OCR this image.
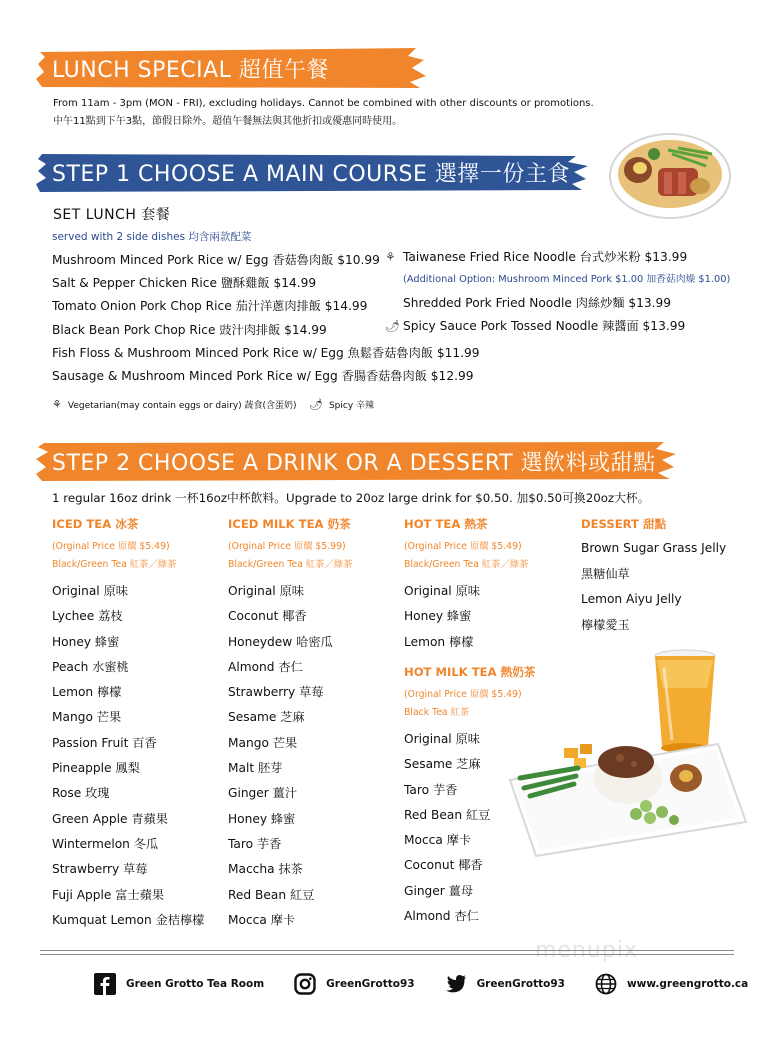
LUNCH SPECIAL 超值午餐
From 11am - 3pm (MON - FRI), excluding holidays. Cannot be combined with other discounts or promotions.
中午11點到下午3點，節假日除外。超值午餐無法與其他折扣或優惠同時使用。
STEP 1 CHOOSE A MAIN COURSE 選擇一份主食
SET LUNCH 套餐
served with 2 side dishes 均含兩款配菜
Mushroom Minced Pork Rice w/ Egg 香菇魯肉飯 $10.99
Salt & Pepper Chicken Rice 鹽酥雞飯 $14.99
Tomato Onion Pork Chop Rice 茄汁洋蔥肉排飯 $14.99
Black Bean Pork Chop Rice 豉汁肉排飯 $14.99
Fish Floss & Mushroom Minced Pork Rice w/ Egg 魚鬆香菇魯肉飯 $11.99
Sausage & Mushroom Minced Pork Rice w/ Egg 香腸香菇魯肉飯 $12.99
⚘ Taiwanese Fried Rice Noodle 台式炒米粉 $13.99
(Additional Option: Mushroom Minced Pork $1.00 加香菇肉燥 $1.00)
Shredded Pork Fried Noodle 肉絲炒麵 $13.99
🌶 Spicy Sauce Pork Tossed Noodle 辣醬面 $13.99
⚘ Vegetarian(may contain eggs or dairy) 蔬食(含蛋奶) 🌶 Spicy 辛辣
STEP 2 CHOOSE A DRINK OR A DESSERT 選飲料或甜點
1 regular 16oz drink 一杯16oz中杯飲料。Upgrade to 20oz large drink for $0.50. 加$0.50可換20oz大杯。
ICED TEA 冰茶
(Orginal Price 原價 $5.49)
Black/Green Tea 紅茶／綠茶
Original 原味
Lychee 荔枝
Honey 蜂蜜
Peach 水蜜桃
Lemon 檸檬
Mango 芒果
Passion Fruit 百香
Pineapple 鳳梨
Rose 玫瑰
Green Apple 青蘋果
Wintermelon 冬瓜
Strawberry 草莓
Fuji Apple 富士蘋果
Kumquat Lemon 金桔檸檬
ICED MILK TEA 奶茶
(Orginal Price 原價 $5.99)
Black/Green Tea 紅茶／綠茶
Original 原味
Coconut 椰香
Honeydew 哈密瓜
Almond 杏仁
Strawberry 草莓
Sesame 芝麻
Mango 芒果
Malt 胚芽
Ginger 薑汁
Honey 蜂蜜
Taro 芋香
Maccha 抹茶
Red Bean 紅豆
Mocca 摩卡
HOT TEA 熱茶
(Orginal Price 原價 $5.49)
Black/Green Tea 紅茶／綠茶
Original 原味
Honey 蜂蜜
Lemon 檸檬
HOT MILK TEA 熱奶茶
(Orginal Price 原價 $5.49)
Black Tea 紅茶
Original 原味
Sesame 芝麻
Taro 芋香
Red Bean 紅豆
Mocca 摩卡
Coconut 椰香
Ginger 薑母
Almond 杏仁
DESSERT 甜點
Brown Sugar Grass Jelly
黑糖仙草
Lemon Aiyu Jelly
檸檬愛玉
Green Grotto Tea Room	GreenGrotto93	GreenGrotto93	www.greengrotto.ca
